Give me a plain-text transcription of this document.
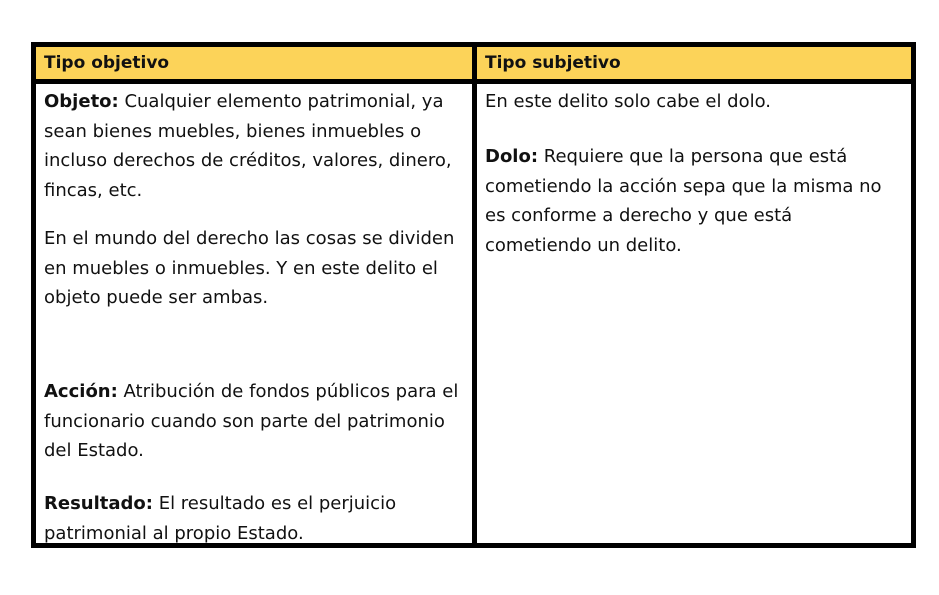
Tipo objetivo	Tipo subjetivo

Objeto: Cualquier elemento patrimonial, ya sean bienes muebles, bienes inmuebles o incluso derechos de créditos, valores, dinero, fincas, etc.

En el mundo del derecho las cosas se dividen en muebles o inmuebles. Y en este delito el objeto puede ser ambas.

Acción: Atribución de fondos públicos para el funcionario cuando son parte del patrimonio del Estado.

Resultado: El resultado es el perjuicio patrimonial al propio Estado.

En este delito solo cabe el dolo.

Dolo: Requiere que la persona que está cometiendo la acción sepa que la misma no es conforme a derecho y que está cometiendo un delito.
